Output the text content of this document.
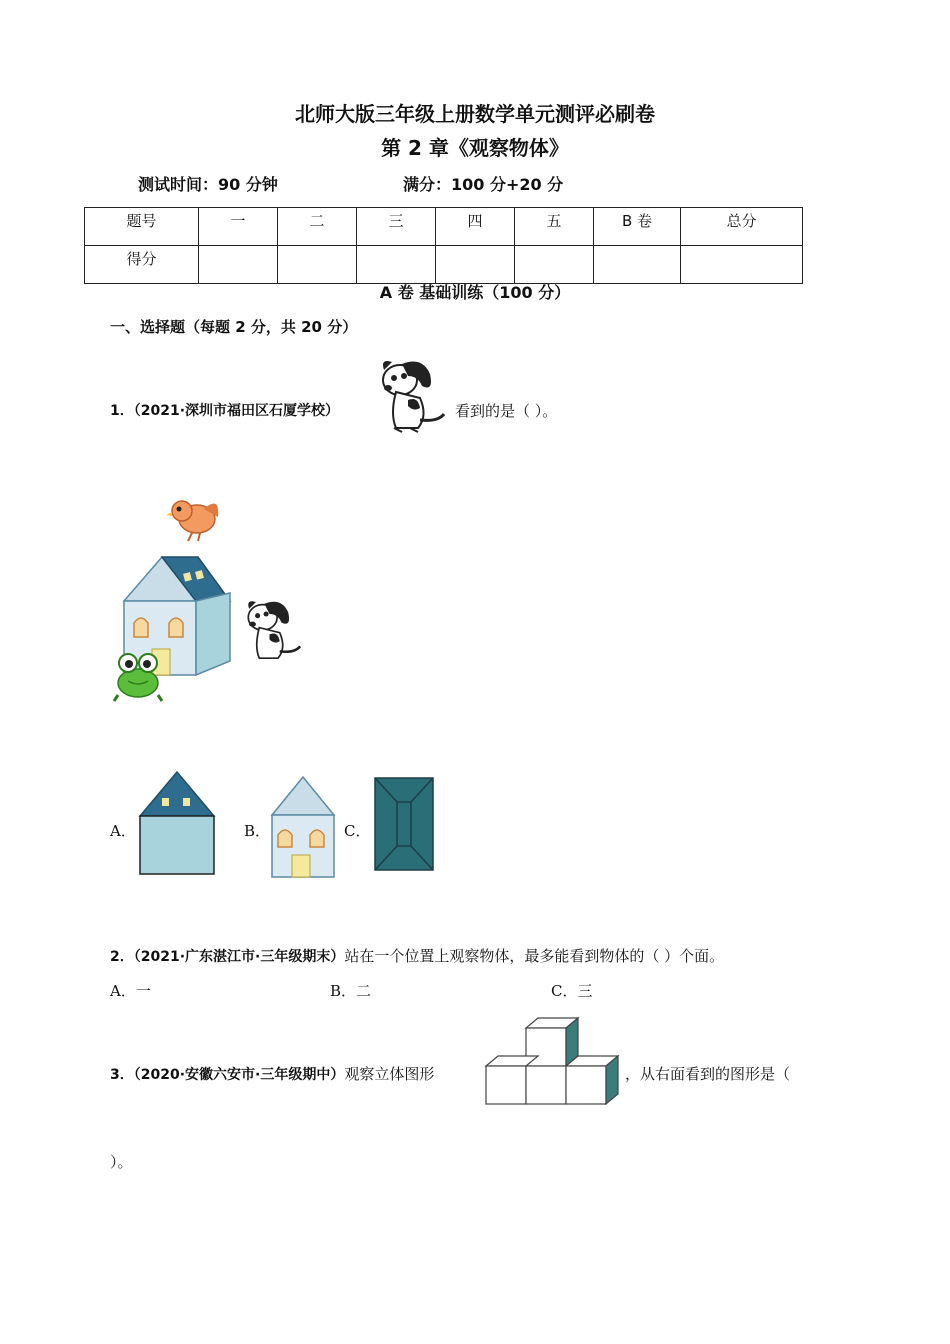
北师大版三年级上册数学单元测评必刷卷
第 2 章《观察物体》
测试时间：90 分钟	满分：100 分+20 分
题号	一	二	三	四	五	B 卷	总分
得分							
A 卷 基础训练（100 分）
一、选择题（每题 2 分，共 20 分）
1．（2021·深圳市福田区石厦学校）	看到的是（ ）。
A．	B．	C．
2．（2021·广东湛江市·三年级期末）站在一个位置上观察物体，最多能看到物体的（ ）个面。
A．一	B．二	C．三
3．（2020·安徽六安市·三年级期中）观察立体图形	，从右面看到的图形是（
）。
